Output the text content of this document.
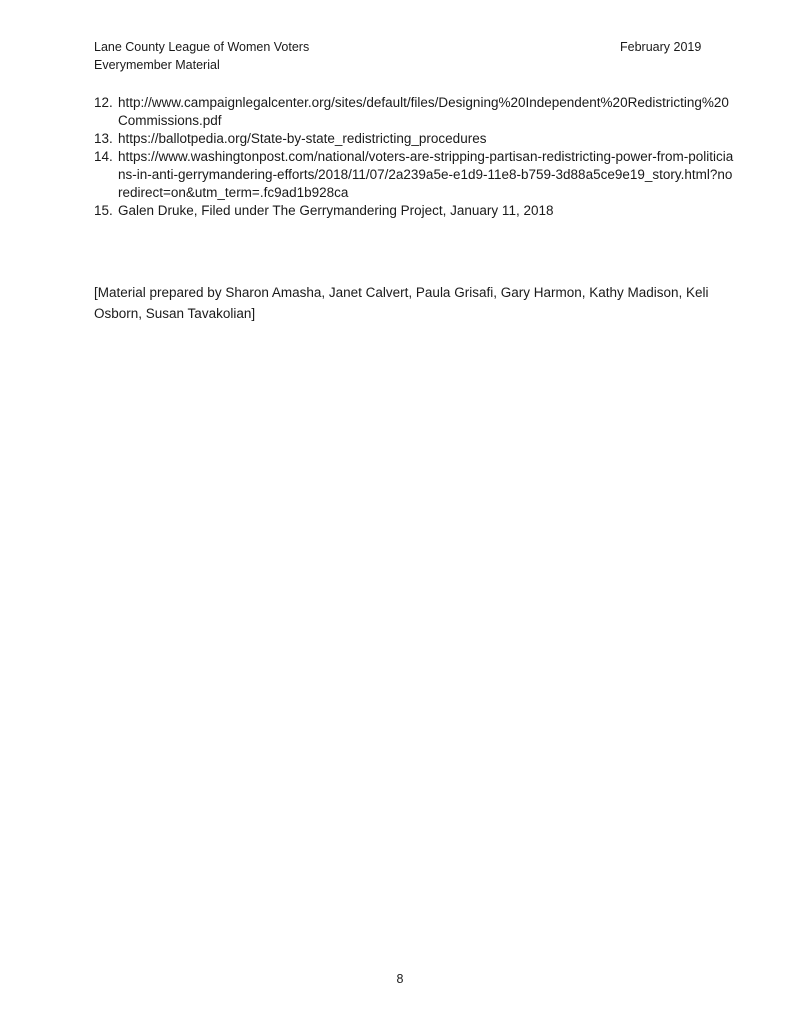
Lane County League of Women Voters
Everymember Material
February 2019
12. http://www.campaignlegalcenter.org/sites/default/files/Designing%20Independent%20Redistricting%20Commissions.pdf
13. https://ballotpedia.org/State-by-state_redistricting_procedures
14. https://www.washingtonpost.com/national/voters-are-stripping-partisan-redistricting-power-from-politicians-in-anti-gerrymandering-efforts/2018/11/07/2a239a5e-e1d9-11e8-b759-3d88a5ce9e19_story.html?noredirect=on&utm_term=.fc9ad1b928ca
15. Galen Druke, Filed under The Gerrymandering Project, January 11, 2018
[Material prepared by Sharon Amasha, Janet Calvert, Paula Grisafi, Gary Harmon, Kathy Madison, Keli Osborn, Susan Tavakolian]
8
